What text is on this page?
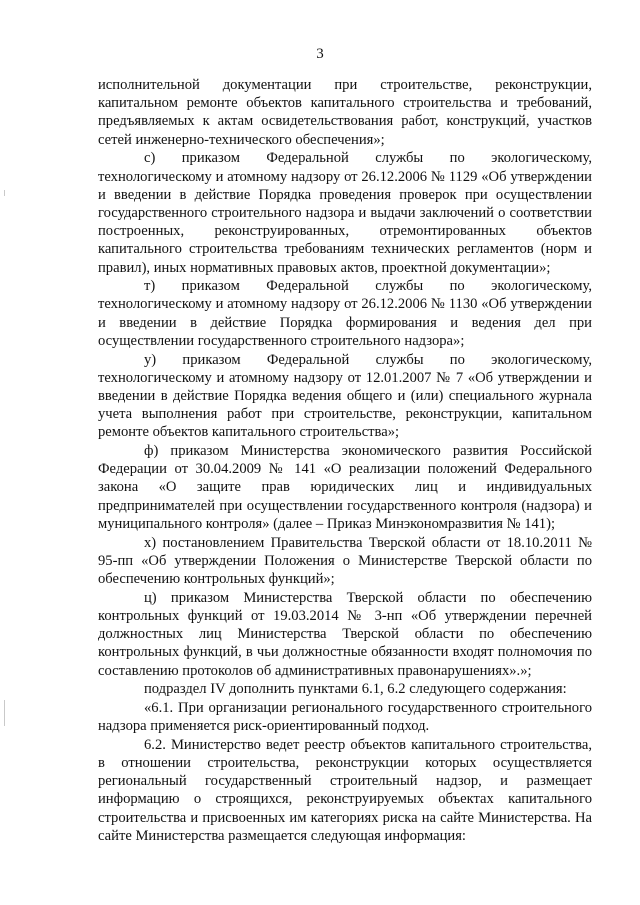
3

исполнительной документации при строительстве, реконструкции, капитальном ремонте объектов капитального строительства и требований, предъявляемых к актам освидетельствования работ, конструкций, участков сетей инженерно-технического обеспечения»;

с) приказом Федеральной службы по экологическому, технологическому и атомному надзору от 26.12.2006 № 1129 «Об утверждении и введении в действие Порядка проведения проверок при осуществлении государственного строительного надзора и выдачи заключений о соответствии построенных, реконструированных, отремонтированных объектов капитального строительства требованиям технических регламентов (норм и правил), иных нормативных правовых актов, проектной документации»;

т) приказом Федеральной службы по экологическому, технологическому и атомному надзору от 26.12.2006 № 1130 «Об утверждении и введении в действие Порядка формирования и ведения дел при осуществлении государственного строительного надзора»;

у) приказом Федеральной службы по экологическому, технологическому и атомному надзору от 12.01.2007 № 7 «Об утверждении и введении в действие Порядка ведения общего и (или) специального журнала учета выполнения работ при строительстве, реконструкции, капитальном ремонте объектов капитального строительства»;

ф) приказом Министерства экономического развития Российской Федерации от 30.04.2009 № 141 «О реализации положений Федерального закона «О защите прав юридических лиц и индивидуальных предпринимателей при осуществлении государственного контроля (надзора) и муниципального контроля» (далее – Приказ Минэкономразвития № 141);

х) постановлением Правительства Тверской области от 18.10.2011 № 95-пп «Об утверждении Положения о Министерстве Тверской области по обеспечению контрольных функций»;

ц) приказом Министерства Тверской области по обеспечению контрольных функций от 19.03.2014 № 3-нп «Об утверждении перечней должностных лиц Министерства Тверской области по обеспечению контрольных функций, в чьи должностные обязанности входят полномочия по составлению протоколов об административных правонарушениях».»;

подраздел IV дополнить пунктами 6.1, 6.2 следующего содержания:

«6.1. При организации регионального государственного строительного надзора применяется риск-ориентированный подход.

6.2. Министерство ведет реестр объектов капитального строительства, в отношении строительства, реконструкции которых осуществляется региональный государственный строительный надзор, и размещает информацию о строящихся, реконструируемых объектах капитального строительства и присвоенных им категориях риска на сайте Министерства. На сайте Министерства размещается следующая информация:
